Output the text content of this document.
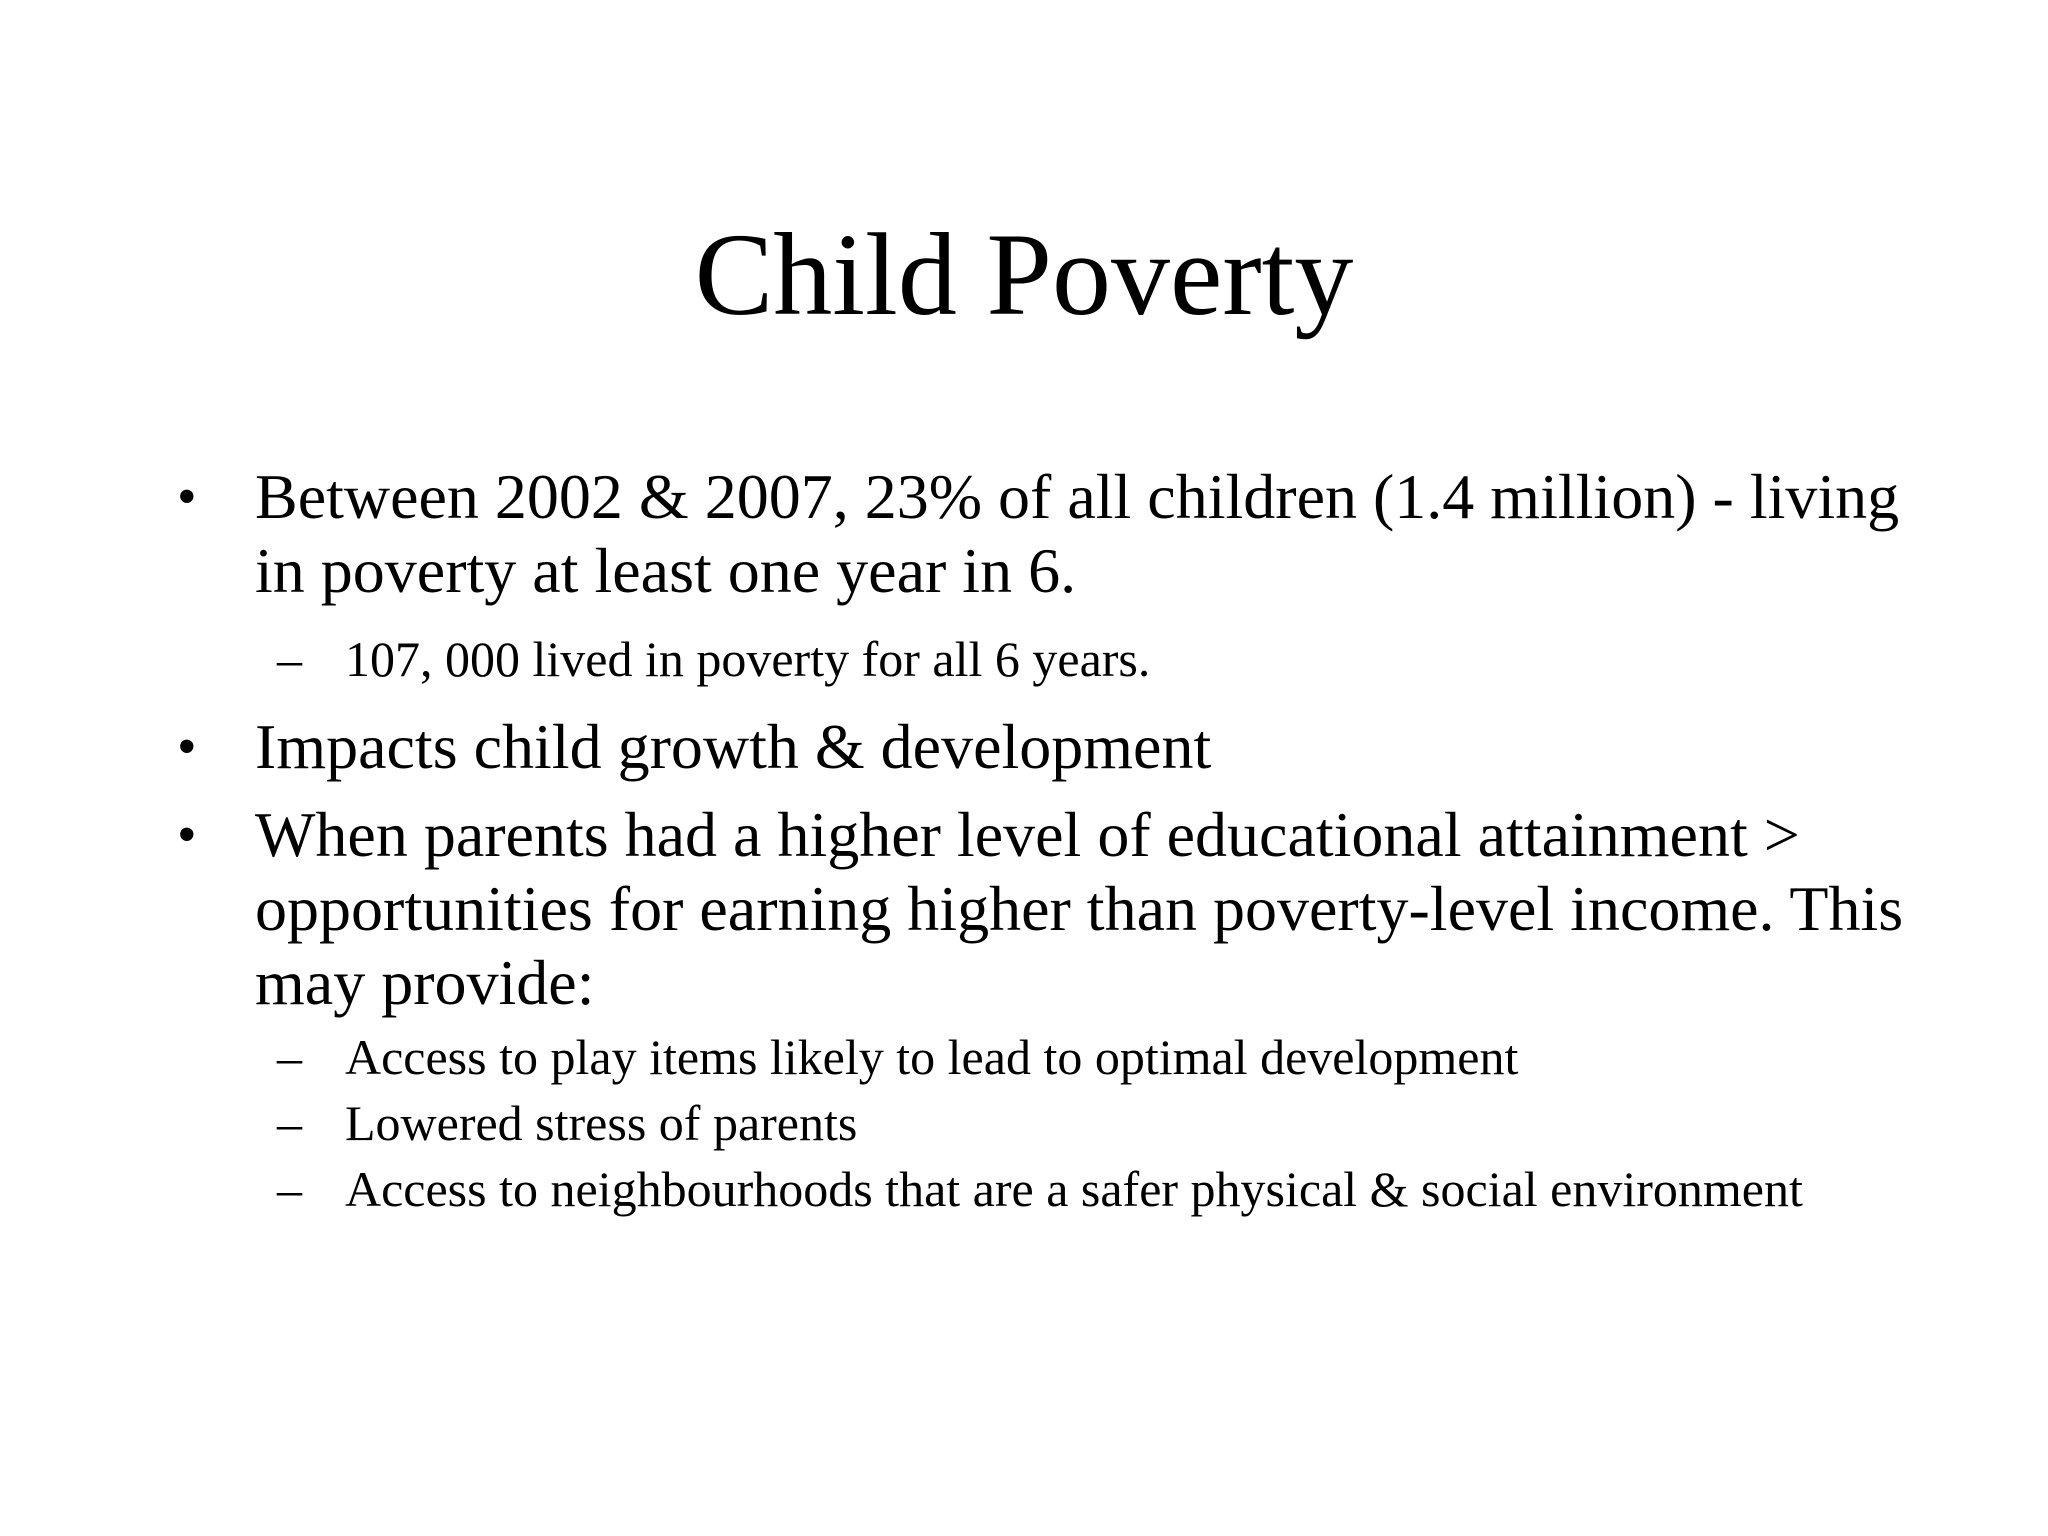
Child Poverty
• Between 2002 & 2007, 23% of all children (1.4 million) - living in poverty at least one year in 6.
– 107, 000 lived in poverty for all 6 years.
• Impacts child growth & development
• When parents had a higher level of educational attainment > opportunities for earning higher than poverty-level income. This may provide:
– Access to play items likely to lead to optimal development
– Lowered stress of parents
– Access to neighbourhoods that are a safer physical & social environment
